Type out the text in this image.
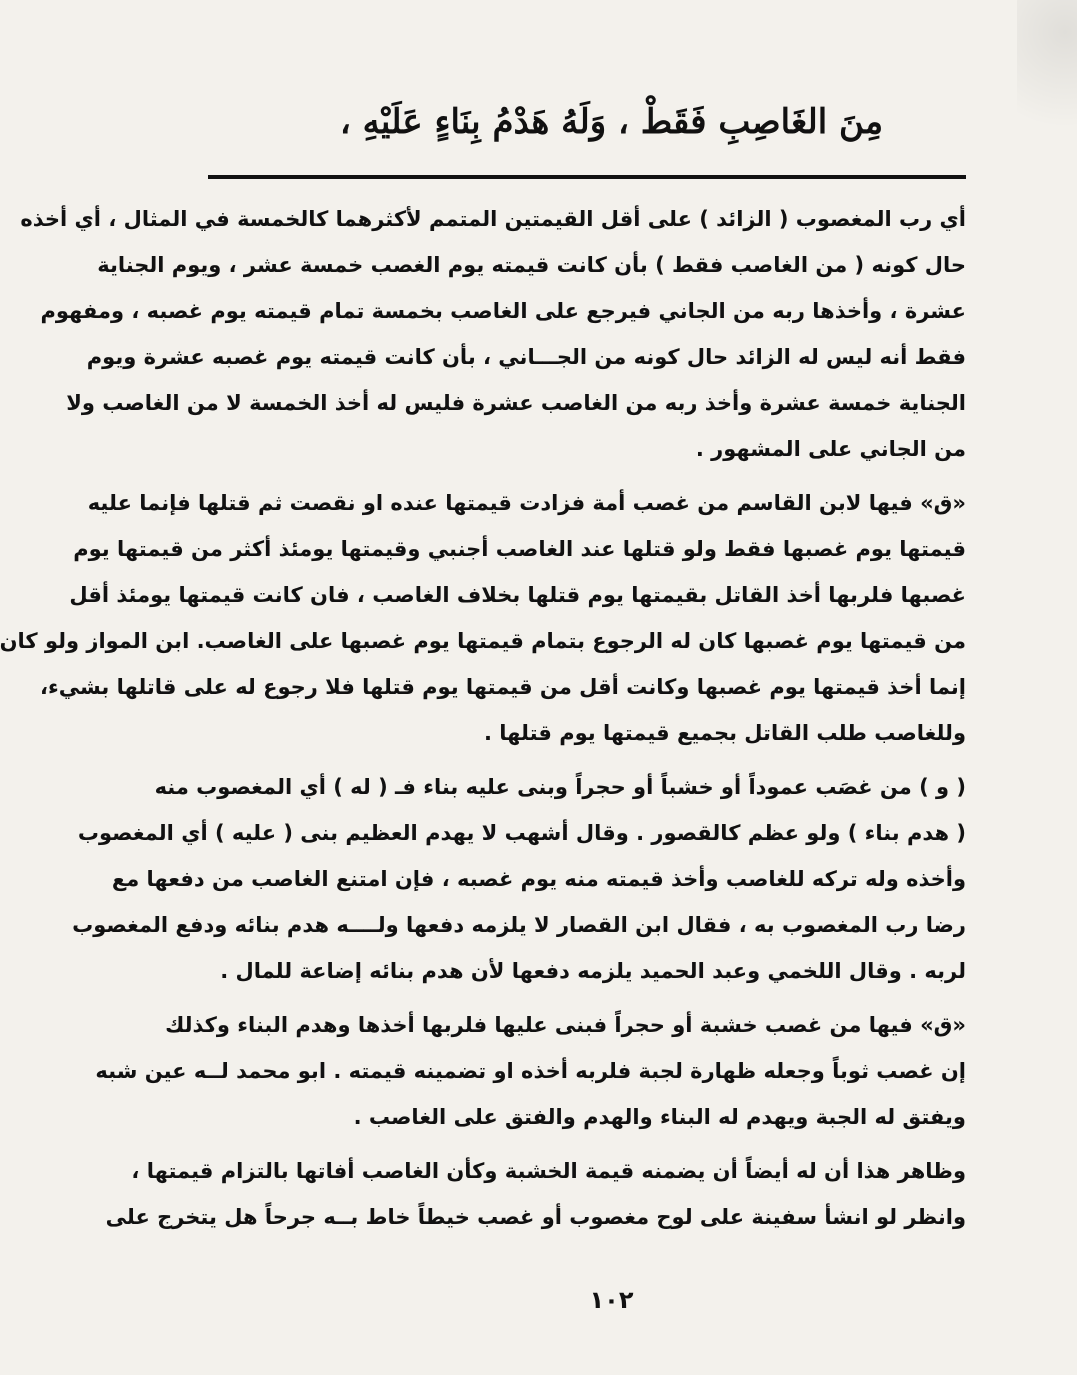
مِنَ الغَاصِبِ فَقَطْ ، وَلَهُ هَدْمُ بِنَاءٍ عَلَيْهِ ،
أي رب المغصوب ( الزائد ) على أقل القيمتين المتمم لأكثرهما كالخمسة في المثال ، أي أخذه
حال كونه ( من الغاصب فقط ) بأن كانت قيمته يوم الغصب خمسة عشر ، ويوم الجناية
عشرة ، وأخذها ربه من الجاني فيرجع على الغاصب بخمسة تمام قيمته يوم غصبه ، ومفهوم
فقط أنه ليس له الزائد حال كونه من الجـــاني ، بأن كانت قيمته يوم غصبه عشرة ويوم
الجناية خمسة عشرة وأخذ ربه من الغاصب عشرة فليس له أخذ الخمسة لا من الغاصب ولا
من الجاني على المشهور .
«ق» فيها لابن القاسم من غصب أمة فزادت قيمتها عنده او نقصت ثم قتلها فإنما عليه
قيمتها يوم غصبها فقط ولو قتلها عند الغاصب أجنبي وقيمتها يومئذ أكثر من قيمتها يوم
غصبها فلربها أخذ القاتل بقيمتها يوم قتلها بخلاف الغاصب ، فان كانت قيمتها يومئذ أقل
من قيمتها يوم غصبها كان له الرجوع بتمام قيمتها يوم غصبها على الغاصب. ابن المواز ولو كان
إنما أخذ قيمتها يوم غصبها وكانت أقل من قيمتها يوم قتلها فلا رجوع له على قاتلها بشيء،
وللغاصب طلب القاتل بجميع قيمتها يوم قتلها .
( و ) من غصَب عموداً أو خشباً أو حجراً وبنى عليه بناء فـ ( له ) أي المغصوب منه
( هدم بناء ) ولو عظم كالقصور . وقال أشهب لا يهدم العظيم بنى ( عليه ) أي المغصوب
وأخذه وله تركه للغاصب وأخذ قيمته منه يوم غصبه ، فإن امتنع الغاصب من دفعها مع
رضا رب المغصوب به ، فقال ابن القصار لا يلزمه دفعها ولــــه هدم بنائه ودفع المغصوب
لربه . وقال اللخمي وعبد الحميد يلزمه دفعها لأن هدم بنائه إضاعة للمال .
«ق» فيها من غصب خشبة أو حجراً فبنى عليها فلربها أخذها وهدم البناء وكذلك
إن غصب ثوباً وجعله ظهارة لجبة فلربه أخذه او تضمينه قيمته . ابو محمد لــه عين شبه
ويفتق له الجبة ويهدم له البناء والهدم والفتق على الغاصب .
وظاهر هذا أن له أيضاً أن يضمنه قيمة الخشبة وكأن الغاصب أفاتها بالتزام قيمتها ،
وانظر لو انشأ سفينة على لوح مغصوب أو غصب خيطاً خاط بــه جرحاً هل يتخرج على
١٠٢
